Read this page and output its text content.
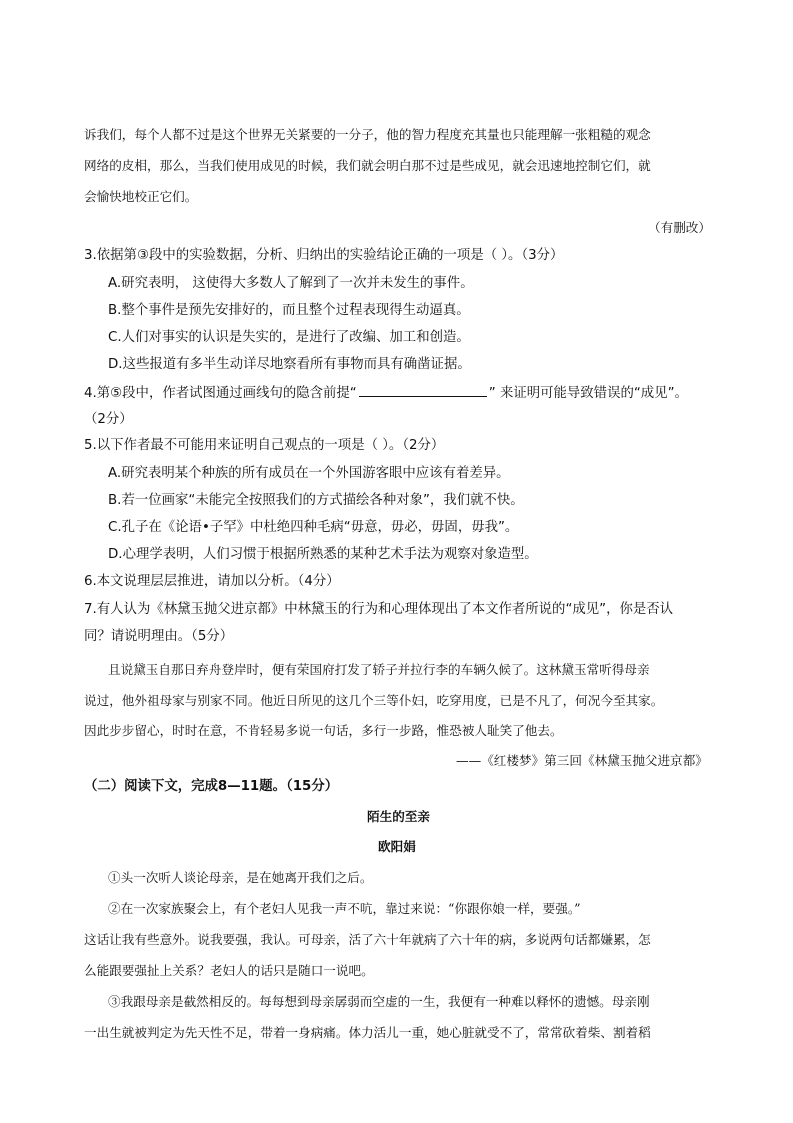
诉我们，每个人都不过是这个世界无关紧要的一分子，他的智力程度充其量也只能理解一张粗糙的观念
网络的皮相，那么，当我们使用成见的时候，我们就会明白那不过是些成见，就会迅速地控制它们，就
会愉快地校正它们。
（有删改）
3.依据第③段中的实验数据，分析、归纳出的实验结论正确的一项是（ ）。（3分）
A.研究表明， 这使得大多数人了解到了一次并未发生的事件。
B.整个事件是预先安排好的，而且整个过程表现得生动逼真。
C.人们对事实的认识是失实的，是进行了改编、加工和创造。
D.这些报道有多半生动详尽地察看所有事物而具有确凿证据。
4.第⑤段中，作者试图通过画线句的隐含前提“	” 来证明可能导致错误的“成见”。
（2分）
5.以下作者最不可能用来证明自己观点的一项是（ ）。（2分）
A.研究表明某个种族的所有成员在一个外国游客眼中应该有着差异。
B.若一位画家“未能完全按照我们的方式描绘各种对象”，我们就不快。
C.孔子在《论语•子罕》中杜绝四种毛病“毋意，毋必，毋固，毋我”。
D.心理学表明，人们习惯于根据所熟悉的某种艺术手法为观察对象造型。
6.本文说理层层推进，请加以分析。（4分）
7.有人认为《林黛玉抛父进京都》中林黛玉的行为和心理体现出了本文作者所说的“成见”，你是否认
同？请说明理由。（5分）
且说黛玉自那日弃舟登岸时，便有荣国府打发了轿子并拉行李的车辆久候了。这林黛玉常听得母亲
说过，他外祖母家与别家不同。他近日所见的这几个三等仆妇，吃穿用度，已是不凡了，何况今至其家。
因此步步留心，时时在意，不肯轻易多说一句话，多行一步路，惟恐被人耻笑了他去。
——《红楼梦》第三回《林黛玉抛父进京都》
（二）阅读下文，完成8—11题。（15分）
陌生的至亲
欧阳娟
①头一次听人谈论母亲，是在她离开我们之后。
②在一次家族聚会上，有个老妇人见我一声不吭，靠过来说：“你跟你娘一样，要强。”
这话让我有些意外。说我要强，我认。可母亲，活了六十年就病了六十年的病，多说两句话都嫌累，怎
么能跟要强扯上关系？老妇人的话只是随口一说吧。
③我跟母亲是截然相反的。每每想到母亲孱弱而空虚的一生，我便有一种难以释怀的遗憾。母亲刚
一出生就被判定为先天性不足，带着一身病痛。体力活儿一重，她心脏就受不了，常常砍着柴、割着稻
